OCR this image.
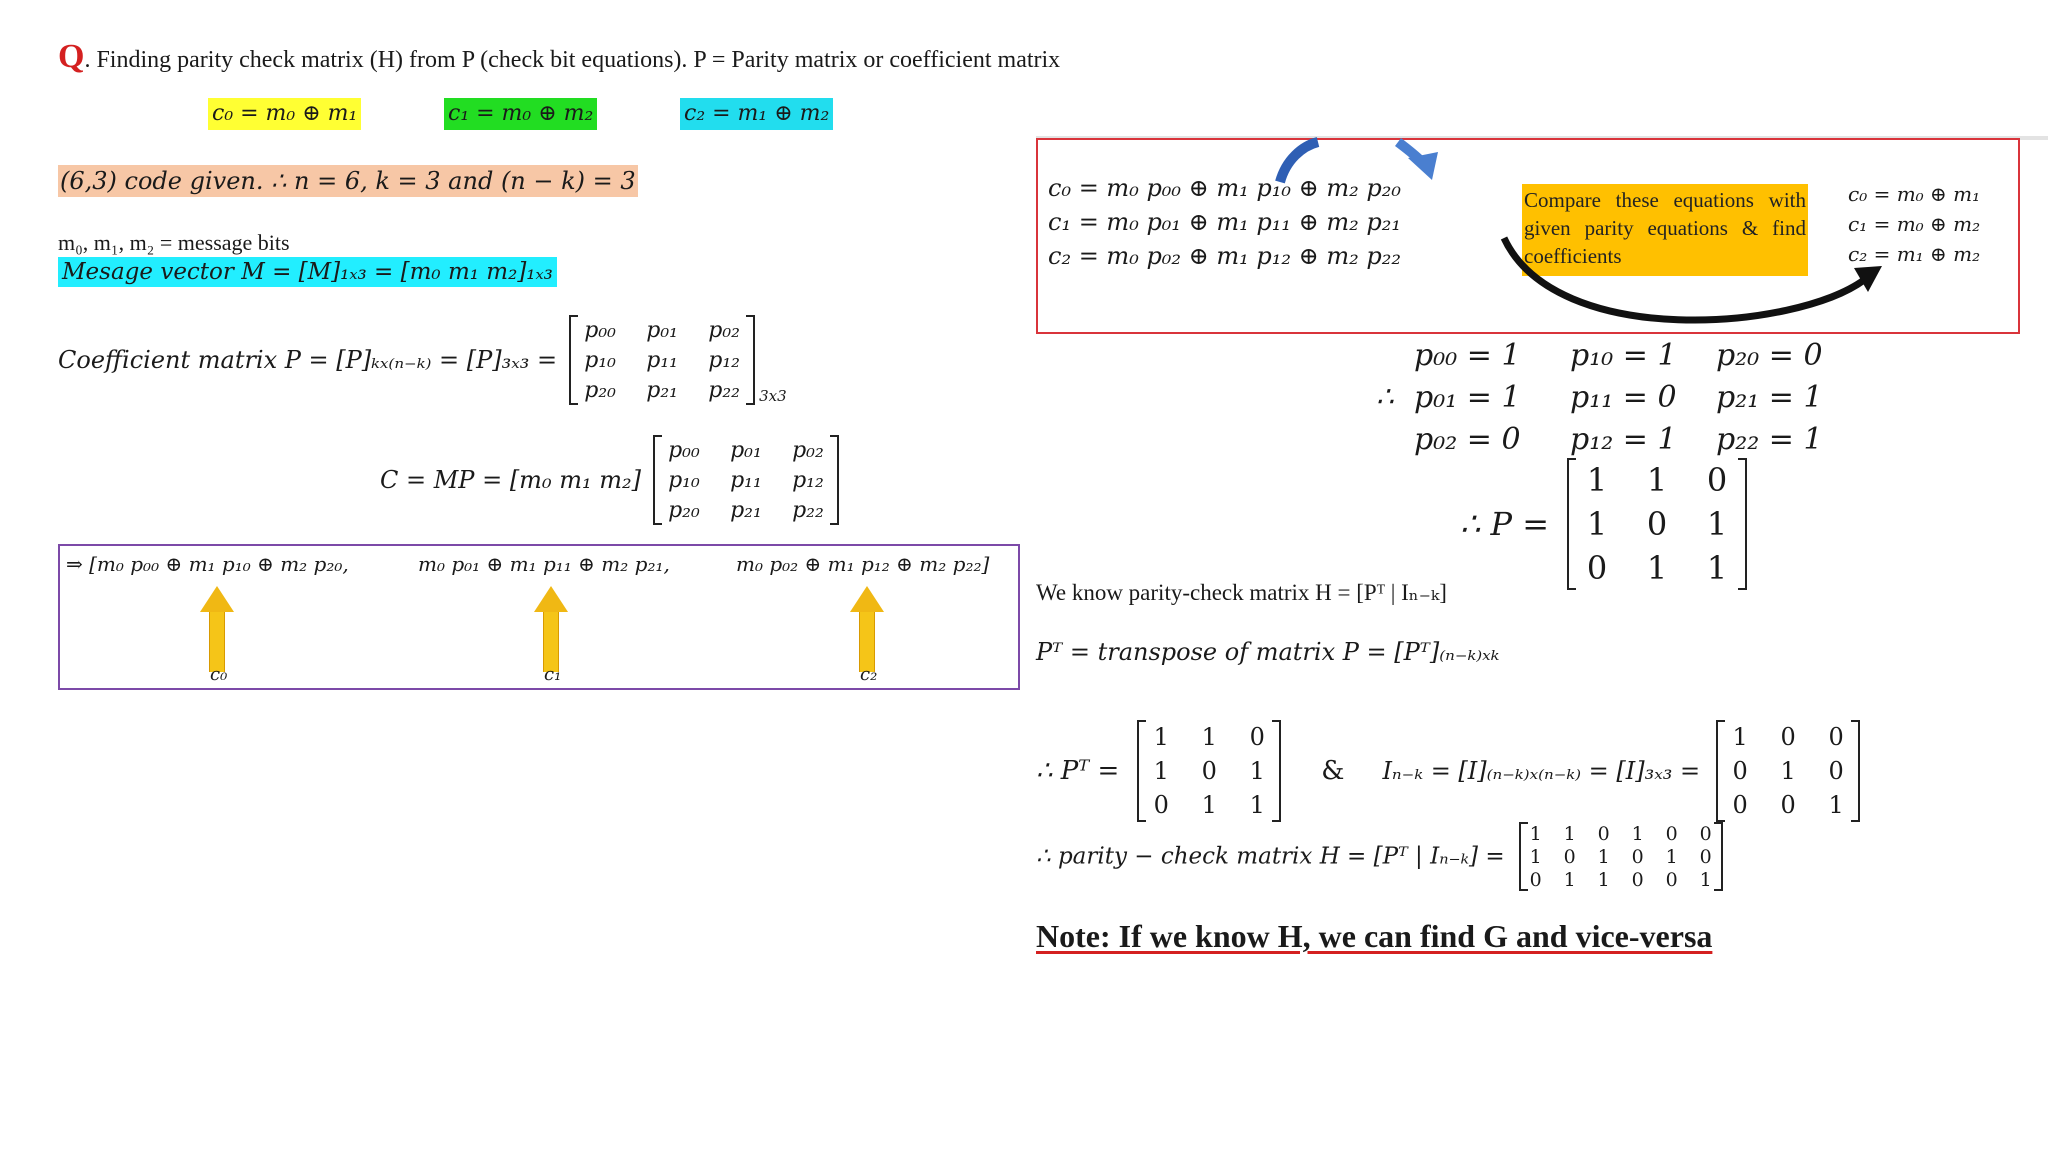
Q. Finding parity check matrix (H) from P (check bit equations). P = Parity matrix or coefficient matrix
c₀ = m₀ ⊕ m₁	c₁ = m₀ ⊕ m₂	c₂ = m₁ ⊕ m₂
(6,3) code given. ∴ n = 6, k = 3 and (n − k) = 3
m₀, m₁, m₂ = message bits
Mesage vector M = [M]₁ₓ₃ = [m₀ m₁ m₂]₁ₓ₃
Coefficient matrix P = [P]ₖₓ₍ₙ₋ₖ₎ = [P]₃ₓ₃ =
p₀₀	p₀₁	p₀₂
p₁₀	p₁₁	p₁₂
p₂₀	p₂₁	p₂₂ 3x3
C = MP = [m₀ m₁ m₂]
p₀₀	p₀₁	p₀₂
p₁₀	p₁₁	p₁₂
p₂₀	p₂₁	p₂₂
⇒ [m₀ p₀₀ ⊕ m₁ p₁₀ ⊕ m₂ p₂₀,	m₀ p₀₁ ⊕ m₁ p₁₁ ⊕ m₂ p₂₁,	m₀ p₀₂ ⊕ m₁ p₁₂ ⊕ m₂ p₂₂]
c₀	c₁	c₂
c₀ = m₀ p₀₀ ⊕ m₁ p₁₀ ⊕ m₂ p₂₀
c₁ = m₀ p₀₁ ⊕ m₁ p₁₁ ⊕ m₂ p₂₁
c₂ = m₀ p₀₂ ⊕ m₁ p₁₂ ⊕ m₂ p₂₂
Compare these equations with given parity equations & find coefficients
c₀ = m₀ ⊕ m₁
c₁ = m₀ ⊕ m₂
c₂ = m₁ ⊕ m₂
∴
p₀₀ = 1 p₁₀ = 1 p₂₀ = 0
p₀₁ = 1 p₁₁ = 0 p₂₁ = 1
p₀₂ = 0 p₁₂ = 1 p₂₂ = 1
∴ P =
1	1	0
1	0	1
0	1	1
We know parity-check matrix H = [Pᵀ | Iₙ₋ₖ]
Pᵀ = transpose of matrix P = [Pᵀ]₍ₙ₋ₖ₎ₓₖ
∴ Pᵀ =
1	1	0
1	0	1
0	1	1
& Iₙ₋ₖ = [I]₍ₙ₋ₖ₎ₓ₍ₙ₋ₖ₎ = [I]₃ₓ₃ =
1	0	0
0	1	0
0	0	1
∴ parity − check matrix H = [Pᵀ | Iₙ₋ₖ] =
1	1	0	1	0	0
1	0	1	0	1	0
0	1	1	0	0	1
Note: If we know H, we can find G and vice-versa
